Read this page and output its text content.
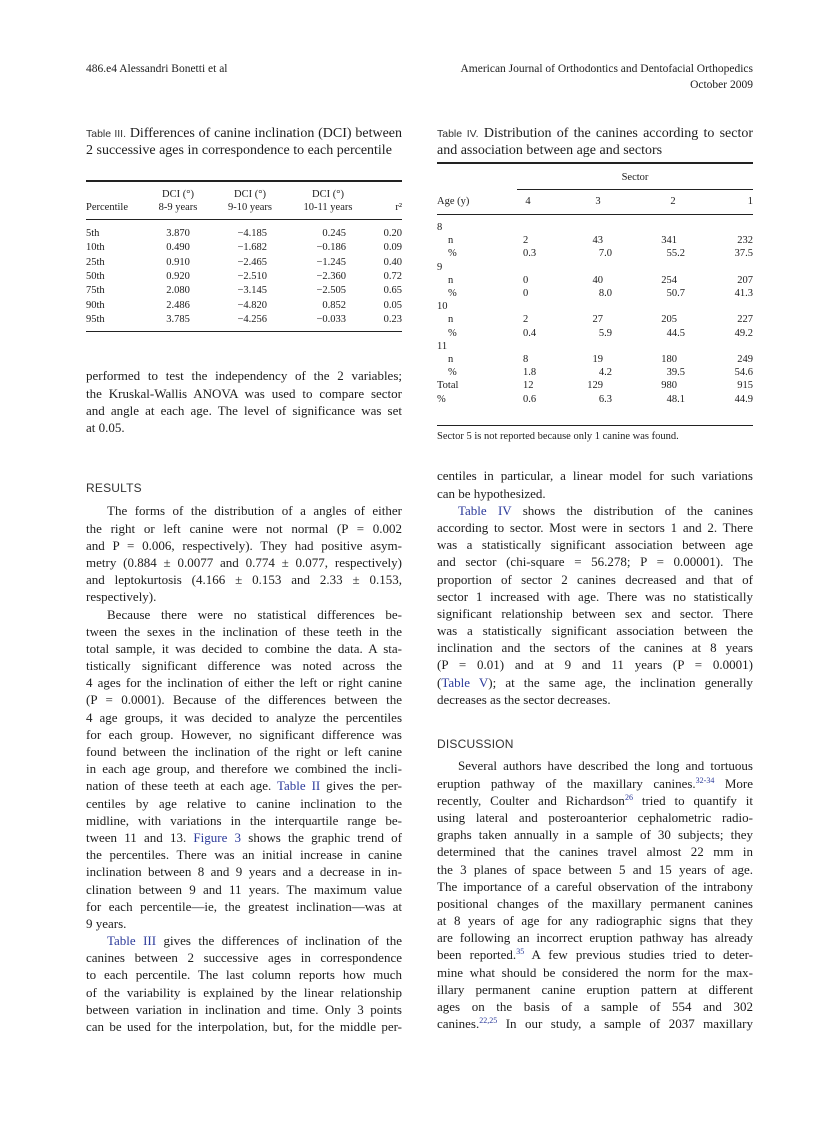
486.e4 Alessandri Bonetti et al	American Journal of Orthodontics and Dentofacial Orthopedics
October 2009
Table III. Differences of canine inclination (DCI) between 2 successive ages in correspondence to each percentile
DCI (°)	DCI (°)	DCI (°)
Percentile	8-9 years	9-10 years	10-11 years	r²
5th	3.870	−4.185	0.245	0.20
10th	0.490	−1.682	−0.186	0.09
25th	0.910	−2.465	−1.245	0.40
50th	0.920	−2.510	−2.360	0.72
75th	2.080	−3.145	−2.505	0.65
90th	2.486	−4.820	0.852	0.05
95th	3.785	−4.256	−0.033	0.23
Table IV. Distribution of the canines according to sector and association between age and sectors
Sector
Age (y)	4	3	2	1
8
n	2	43	341	232
%	0.3	7.0	55.2	37.5
9
n	0	40	254	207
%	0	8.0	50.7	41.3
10
n	2	27	205	227
%	0.4	5.9	44.5	49.2
11
n	8	19	180	249
%	1.8	4.2	39.5	54.6
Total	12	129	980	915
%	0.6	6.3	48.1	44.9
Sector 5 is not reported because only 1 canine was found.
performed to test the independency of the 2 variables;
the Kruskal-Wallis ANOVA was used to compare sector
and angle at each age. The level of significance was set
at 0.05.
RESULTS
The forms of the distribution of a angles of either
the right or left canine were not normal (P = 0.002
and P = 0.006, respectively). They had positive asym-
metry (0.884 ± 0.0077 and 0.774 ± 0.077, respectively)
and leptokurtosis (4.166 ± 0.153 and 2.33 ± 0.153,
respectively).
Because there were no statistical differences be-
tween the sexes in the inclination of these teeth in the
total sample, it was decided to combine the data. A sta-
tistically significant difference was noted across the
4 ages for the inclination of either the left or right canine
(P = 0.0001). Because of the differences between the
4 age groups, it was decided to analyze the percentiles
for each group. However, no significant difference was
found between the inclination of the right or left canine
in each age group, and therefore we combined the incli-
nation of these teeth at each age. Table II gives the per-
centiles by age relative to canine inclination to the
midline, with variations in the interquartile range be-
tween 11 and 13. Figure 3 shows the graphic trend of
the percentiles. There was an initial increase in canine
inclination between 8 and 9 years and a decrease in in-
clination between 9 and 11 years. The maximum value
for each percentile—ie, the greatest inclination—was at
9 years.
Table III gives the differences of inclination of the
canines between 2 successive ages in correspondence
to each percentile. The last column reports how much
of the variability is explained by the linear relationship
between variation in inclination and time. Only 3 points
can be used for the interpolation, but, for the middle per-
centiles in particular, a linear model for such variations
can be hypothesized.
Table IV shows the distribution of the canines
according to sector. Most were in sectors 1 and 2. There
was a statistically significant association between age
and sector (chi-square = 56.278; P = 0.00001). The
proportion of sector 2 canines decreased and that of
sector 1 increased with age. There was no statistically
significant relationship between sex and sector. There
was a statistically significant association between the
inclination and the sectors of the canines at 8 years
(P = 0.01) and at 9 and 11 years (P = 0.0001)
(Table V); at the same age, the inclination generally
decreases as the sector decreases.
DISCUSSION
Several authors have described the long and tortuous
eruption pathway of the maxillary canines.$^{32-34}$ More
recently, Coulter and Richardson$^{26}$ tried to quantify it
using lateral and posteroanterior cephalometric radio-
graphs taken annually in a sample of 30 subjects; they
determined that the canines travel almost 22 mm in
the 3 planes of space between 5 and 15 years of age.
The importance of a careful observation of the intrabony
positional changes of the maxillary permanent canines
at 8 years of age for any radiographic signs that they
are following an incorrect eruption pathway has already
been reported.$^{35}$ A few previous studies tried to deter-
mine what should be considered the norm for the max-
illary permanent canine eruption pattern at different
ages on the basis of a sample of 554 and 302
canines.$^{22,25}$ In our study, a sample of 2037 maxillary
